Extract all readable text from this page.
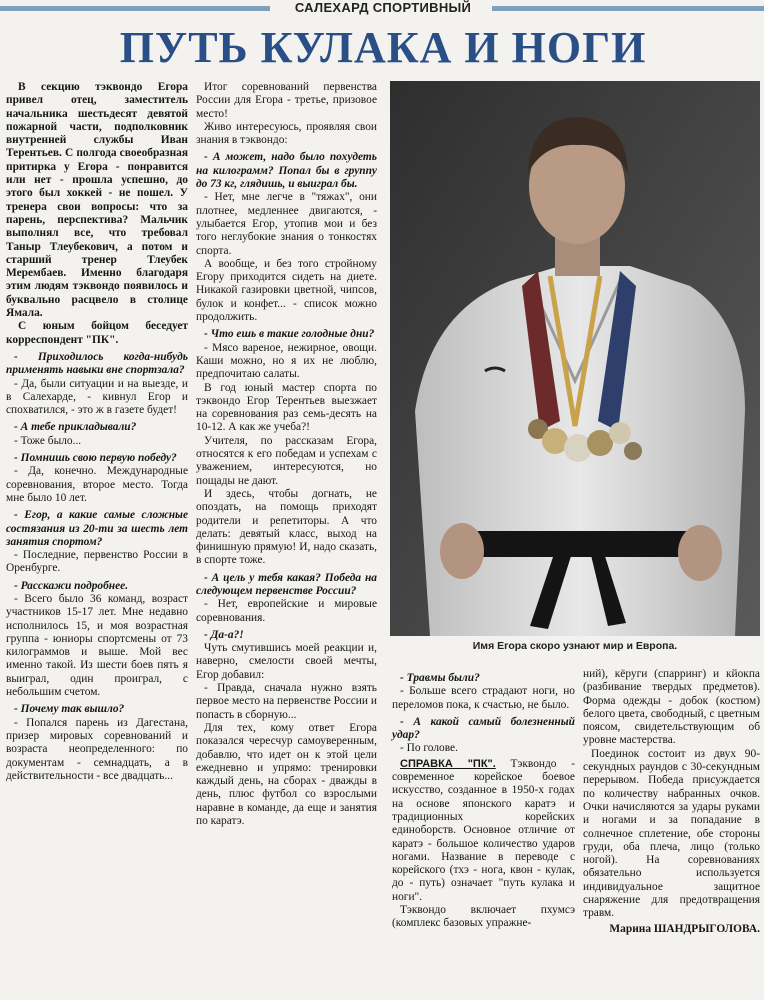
САЛЕХАРД СПОРТИВНЫЙ
ПУТЬ КУЛАКА И НОГИ

В секцию тэквондо Егора привел отец, заместитель начальника шестьдесят девятой пожарной части, подполковник внутренней службы Иван Терентьев. С полгода своеобразная притирка у Егора - понравится или нет - прошла успешно, до этого был хоккей - не пошел. У тренера свои вопросы: что за парень, перспектива? Мальчик выполнял все, что требовал Таныр Тлеубекович, а потом и старший тренер Тлеубек Мерембаев. Именно благодаря этим людям тэквондо появилось и буквально расцвело в столице Ямала.

С юным бойцом беседует корреспондент "ПК".

- Приходилось когда-нибудь применять навыки вне спортзала?

- Да, были ситуации и на выезде, и в Салехарде, - кивнул Егор и спохватился, - это ж в газете будет!

- А тебе прикладывали?

- Тоже было...

- Помнишь свою первую победу?

- Да, конечно. Международные соревнования, второе место. Тогда мне было 10 лет.

- Егор, а какие самые сложные состязания из 20-ти за шесть лет занятия спортом?

- Последние, первенство России в Оренбурге.

- Расскажи подробнее.

- Всего было 36 команд, возраст участников 15-17 лет. Мне недавно исполнилось 15, и моя возрастная группа - юниоры спортсмены от 73 килограммов и выше. Мой вес именно такой. Из шести боев пять я выиграл, один проиграл, с небольшим счетом.

- Почему так вышло?

- Попался парень из Дагестана, призер мировых соревнований и возраста неопределенного: по документам - семнадцать, а в действительности - все двадцать...

Итог соревнований первенства России для Егора - третье, призовое место!

Живо интересуюсь, проявляя свои знания в тэквондо:

- А может, надо было похудеть на килограмм? Попал бы в группу до 73 кг, глядишь, и выиграл бы.

- Нет, мне легче в "тяжах", они плотнее, медленнее двигаются, - улыбается Егор, утопив мои и без того неглубокие знания о тонкостях спорта.

А вообще, и без того стройному Егору приходится сидеть на диете. Никакой газировки цветной, чипсов, булок и конфет... - список можно продолжить.

- Что ешь в такие голодные дни?

- Мясо вареное, нежирное, овощи. Каши можно, но я их не люблю, предпочитаю салаты.

В год юный мастер спорта по тэквондо Егор Терентьев выезжает на соревнования раз семь-десять на 10-12. А как же учеба?!

Учителя, по рассказам Егора, относятся к его победам и успехам с уважением, интересуются, но пощады не дают.

И здесь, чтобы догнать, не опоздать, на помощь приходят родители и репетиторы. А что делать: девятый класс, выход на финишную прямую! И, надо сказать, в спорте тоже.

- А цель у тебя какая? Победа на следующем первенстве России?

- Нет, европейские и мировые соревнования.

- Да-а?!

Чуть смутившись моей реакции и, наверно, смелости своей мечты, Егор добавил:

- Правда, сначала нужно взять первое место на первенстве России и попасть в сборную...

Для тех, кому ответ Егора показался чересчур самоуверенным, добавлю, что идет он к этой цели ежедневно и упрямо: тренировки каждый день, на сборах - дважды в день, плюс футбол со взрослыми наравне в команде, да еще и занятия по каратэ.

Имя Егора скоро узнают мир и Европа.

- Травмы были?

- Больше всего страдают ноги, но переломов пока, к счастью, не было.

- А какой самый болезненный удар?

- По голове.

СПРАВКА "ПК". Тэквондо - современное корейское боевое искусство, созданное в 1950-х годах на основе японского каратэ и традиционных корейских единоборств. Основное отличие от каратэ - большое количество ударов ногами. Название в переводе с корейского (тхэ - нога, квон - кулак, до - путь) означает "путь кулака и ноги".

Тэквондо включает пхумсэ (комплекс базовых упражне-

ний), кёруги (спарринг) и кйокпа (разбивание твердых предметов). Форма одежды - добок (костюм) белого цвета, свободный, с цветным поясом, свидетельствующим об уровне мастерства.

Поединок состоит из двух 90-секундных раундов с 30-секундным перерывом. Победа присуждается по количеству набранных очков. Очки начисляются за удары руками и ногами и за попадание в солнечное сплетение, обе стороны груди, оба плеча, лицо (только ногой). На соревнованиях обязательно используется индивидуальное защитное снаряжение для предотвращения травм.

Марина ШАНДРЫГОЛОВА.
